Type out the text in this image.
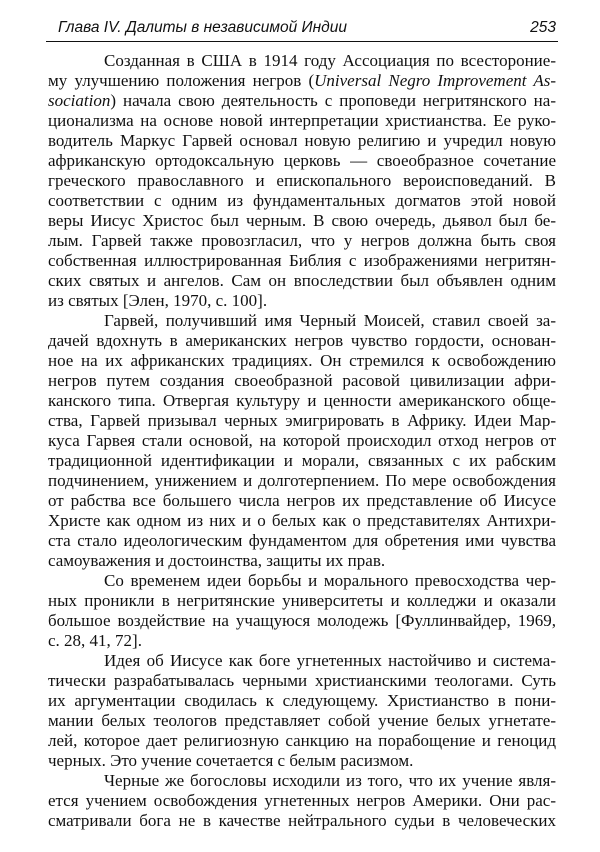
Глава IV. Далиты в независимой Индии	253
Созданная в США в 1914 году Ассоциация по всестороние-
му улучшению положения негров (Universal Negro Improvement As-
sociation) начала свою деятельность с проповеди негритянского на-
ционализма на основе новой интерпретации христианства. Ее руко-
водитель Маркус Гарвей основал новую религию и учредил новую
африканскую ортодоксальную церковь — своеобразное сочетание
греческого православного и епископального вероисповеданий. В
соответствии с одним из фундаментальных догматов этой новой
веры Иисус Христос был черным. В свою очередь, дьявол был бе-
лым. Гарвей также провозгласил, что у негров должна быть своя
собственная иллюстрированная Библия с изображениями негритян-
ских святых и ангелов. Сам он впоследствии был объявлен одним
из святых [Элен, 1970, с. 100].
Гарвей, получивший имя Черный Моисей, ставил своей за-
дачей вдохнуть в американских негров чувство гордости, основан-
ное на их африканских традициях. Он стремился к освобождению
негров путем создания своеобразной расовой цивилизации афри-
канского типа. Отвергая культуру и ценности американского обще-
ства, Гарвей призывал черных эмигрировать в Африку. Идеи Мар-
куса Гарвея стали основой, на которой происходил отход негров от
традиционной идентификации и морали, связанных с их рабским
подчинением, унижением и долготерпением. По мере освобождения
от рабства все большего числа негров их представление об Иисусе
Христе как одном из них и о белых как о представителях Антихри-
ста стало идеологическим фундаментом для обретения ими чувства
самоуважения и достоинства, защиты их прав.
Со временем идеи борьбы и морального превосходства чер-
ных проникли в негритянские университеты и колледжи и оказали
большое воздействие на учащуюся молодежь [Фуллинвайдер, 1969,
с. 28, 41, 72].
Идея об Иисусе как боге угнетенных настойчиво и системa-
тически разрабатывалась черными христианскими теологами. Суть
их аргументации сводилась к следующему. Христианство в пони-
мании белых теологов представляет собой учение белых угнетате-
лей, которое дает религиозную санкцию на порабощение и геноцид
черных. Это учение сочетается с белым расизмом.
Черные же богословы исходили из того, что их учение явля-
ется учением освобождения угнетенных негров Америки. Они рас-
сматривали бога не в качестве нейтрального судьи в человеческих
